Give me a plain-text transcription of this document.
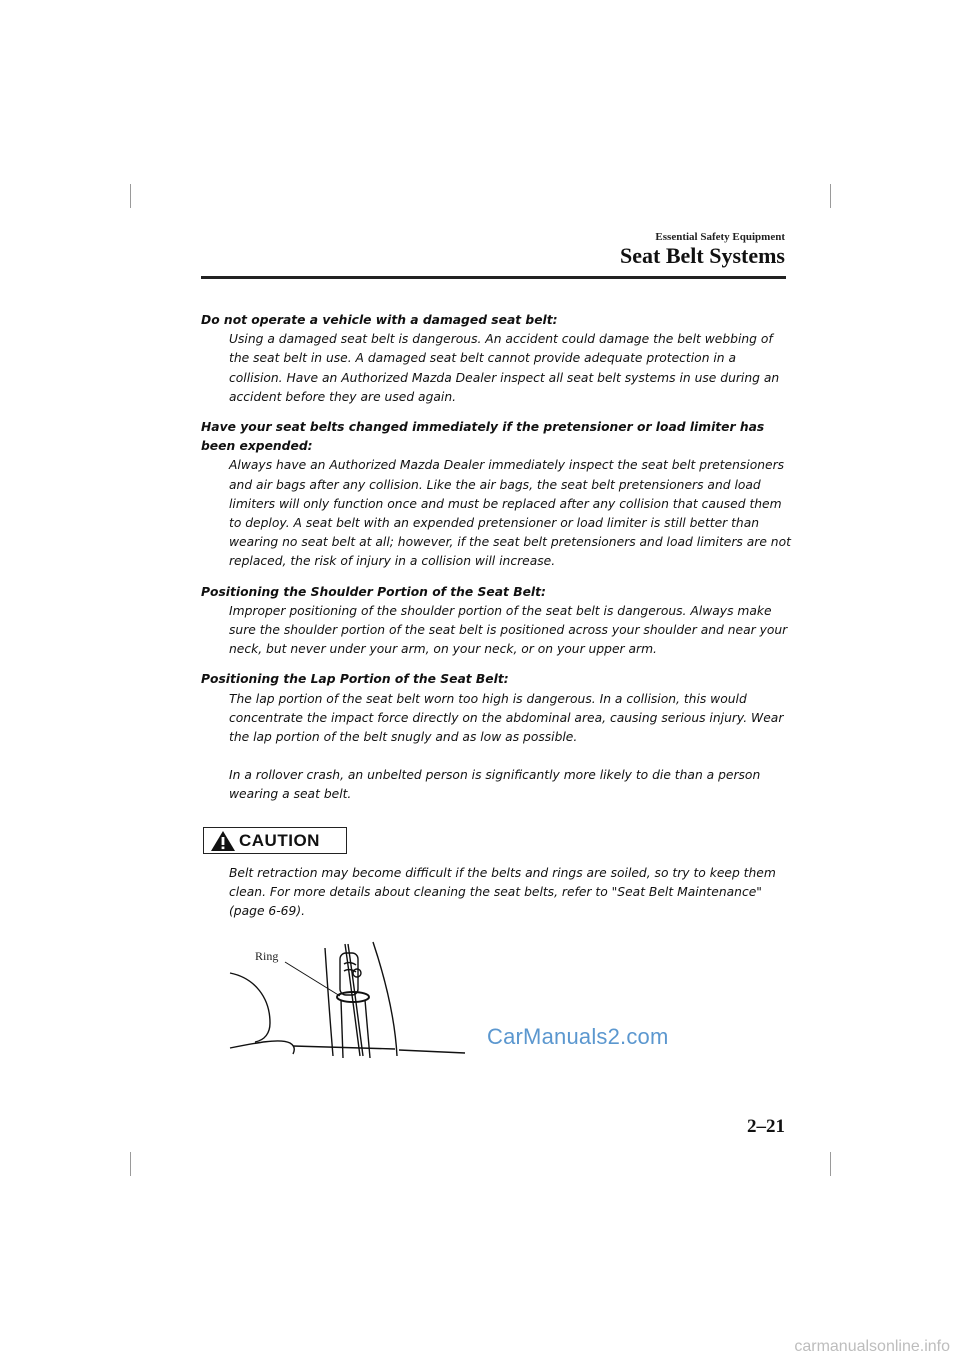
Essential Safety Equipment
Seat Belt Systems
Do not operate a vehicle with a damaged seat belt:
Using a damaged seat belt is dangerous. An accident could damage the belt webbing of the seat belt in use. A damaged seat belt cannot provide adequate protection in a collision. Have an Authorized Mazda Dealer inspect all seat belt systems in use during an accident before they are used again.
Have your seat belts changed immediately if the pretensioner or load limiter has been expended:
Always have an Authorized Mazda Dealer immediately inspect the seat belt pretensioners and air bags after any collision. Like the air bags, the seat belt pretensioners and load limiters will only function once and must be replaced after any collision that caused them to deploy. A seat belt with an expended pretensioner or load limiter is still better than wearing no seat belt at all; however, if the seat belt pretensioners and load limiters are not replaced, the risk of injury in a collision will increase.
Positioning the Shoulder Portion of the Seat Belt:
Improper positioning of the shoulder portion of the seat belt is dangerous. Always make sure the shoulder portion of the seat belt is positioned across your shoulder and near your neck, but never under your arm, on your neck, or on your upper arm.
Positioning the Lap Portion of the Seat Belt:
The lap portion of the seat belt worn too high is dangerous. In a collision, this would concentrate the impact force directly on the abdominal area, causing serious injury. Wear the lap portion of the belt snugly and as low as possible.
In a rollover crash, an unbelted person is significantly more likely to die than a person wearing a seat belt.
CAUTION
Belt retraction may become difficult if the belts and rings are soiled, so try to keep them clean. For more details about cleaning the seat belts, refer to "Seat Belt Maintenance" (page 6-69).
Ring
CarManuals2.com
2–21
carmanualsonline.info
